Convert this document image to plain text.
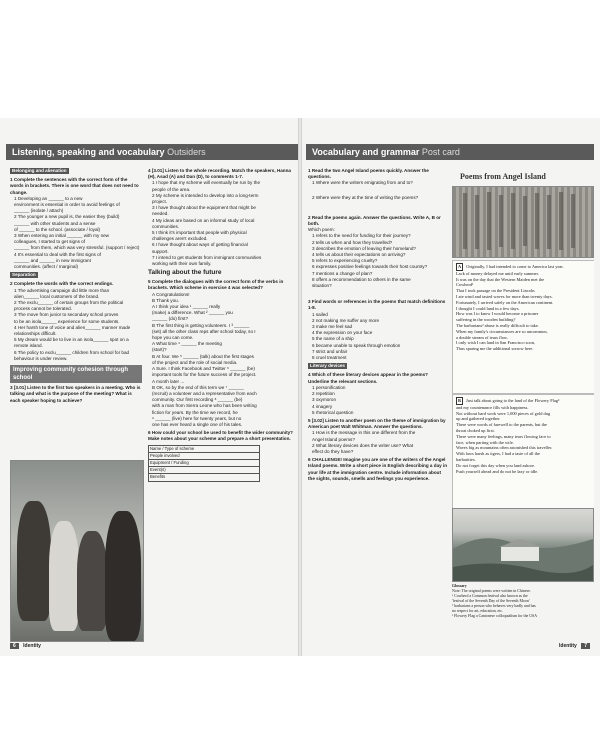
Listening, speaking and vocabulary Outsiders
Belonging and alienation
1 Complete the sentences with the correct form of the words in brackets. There is one word that does not need to change.
1 Developing an ______ to a new
environment is essential in order to avoid feelings of
______ (isolate / attach)
2 The younger a new pupil is, the easier they (build)
______ with other students and a sense
of ______ to the school. (associate / loyal)
3 When entering an initial ______ with my new
colleagues, I started to get signs of
______ from them, which was very stressful. (support / reject)
4 It's essential to deal with the first signs of
______ and ______ in new immigrant
communities. (affect / marginal)
Separation
2 Complete the words with the correct endings.
1 The advertising campaign did little more than
alien______ local customers of the brand.
2 The exclu______ of certain groups from the political
process cannot be tolerated.
3 The move from junior to secondary school proves
to be an isola______ experience for some students.
4 Her harsh tone of voice and alien______ manner made
relationships difficult.
5 My dream would be to live in an isola______ spot on a
remote island.
6 The policy to exclu______ children from school for bad
behaviour is under review.
Improving community cohesion through school
3 [3.01] Listen to the first two speakers in a meeting. Who is talking and what is the purpose of the meeting? What is each speaker hoping to achieve?
4 [3.01] Listen to the whole recording. Match the speakers, Hanna (H), Asad (A) and Dan (D), to comments 1-7.
1 I hope that my scheme will eventually be run by the
people of the area.
2 My scheme is intended to develop into a long-term
project.
3 I have thought about the equipment that might be
needed.
4 My ideas are based on an informal study of local
communities.
5 I think it's important that people with physical
challenges aren't excluded.
6 I have thought about ways of getting financial
support.
7 I intend to get students from immigrant communities
working with their own family.
Talking about the future
5 Complete the dialogues with the correct form of the verbs in brackets. Which scheme in exercise 4 was selected?
A Congratulations!
B Thank you.
A I think your idea ¹ ______ really
(make) a difference. What ² ______ you
______ (do) first?
B The first thing is getting volunteers. I ³ ______
(set) all the other class reps after school today, so I
hope you can come.
A What time ⁴ ______ the meeting
(start)?
B At four. We ⁵ ______ (talk) about the first stages
of the project and the role of social media.
A Sure. I think Facebook and Twitter ⁶ ______ (be)
important tools for the future success of the project.
A month later ...
B OK, so by the end of this term we ⁷ ______
(recruit) a volunteer and a representative from each
community. Our first recording ⁸ ______ (be)
with a man from Sierra Leone who has been writing
fiction for years. By the time we record, he
⁹ ______ (live) here for twenty years, but no
one has ever heard a single one of his tales.
6 How could your school be used to benefit the wider community? Make notes about your scheme and prepare a short presentation.
Name / Type of scheme
People involved
Equipment / Funding
Event(s)
Benefits
6 Identity
Vocabulary and grammar Post card
1 Read the two Angel Island poems quickly. Answer the questions.
1 Where were the writers emigrating from and to?
2 Where were they at the time of writing the poems?
2 Read the poems again. Answer the questions. Write A, B or both.
Which poem:
1 refers to the need for funding for their journey?
2 tells us when and how they travelled?
3 describes the emotion of leaving their homeland?
4 tells us about their expectations on arriving?
5 refers to experiencing cruelty?
6 expresses positive feelings towards their host country?
7 mentions a change of plan?
8 offers a recommendation to others in the same
situation?
3 Find words or references in the poems that match definitions 1-8.
1 sailed
2 not making me suffer any more
3 make me feel sad
4 the expression on your face
5 the name of a ship
6 became unable to speak through emotion
7 strict and unfair
8 cruel treatment
Literary devices
4 Which of these literary devices appear in the poems? Underline the relevant sections.
1 personification
2 repetition
3 oxymoron
4 imagery
5 rhetorical question
5 [3.02] Listen to another poem on the theme of immigration by American poet Walt Whitman. Answer the questions.
1 How is the message in this one different from the
Angel Island poems?
2 What literary devices does the writer use? What
effect do they have?
6 CHALLENGE! Imagine you are one of the writers of the Angel Island poems. Write a short piece in English describing a day in your life at the immigration centre. Include information about the sights, sounds, smells and feelings you experience.
Poems from Angel Island
A Originally, I had intended to come to America last year.
Lack of money delayed me until early summer.
It was on the day that the Western Maiden met the
Cowherd¹
That I took passage on the President Lincoln.
I ate wind and tasted waves for more than twenty days.
Fortunately, I arrived safely on the American continent.
I thought I could land in a few days.
How was I to know I would become a prisoner
suffering in the wooden building?
The barbarians² abuse is really difficult to take.
When my family's circumstances are so uncommon,
a double stream of tears flow.
I only wish I can land in San Francisco soon,
Thus sparing me the additional sorrow here.
B Just talk about going to the land of the Flowery Flag³
and my countenance fills with happiness.
Not without hard work were 1,000 pieces of gold dug
up and gathered together.
There were words of farewell to the parents, but the
throat choked up first.
There were many feelings, many tears flowing face to
face, when parting with the wife.
Waves big as mountains often astonished this traveller.
With laws harsh as tigers, I had a taste of all the
barbarities.
Do not forget this day when you land ashore.
Push yourself ahead and do not be lazy or idle.
Glossary
Note: The original poems were written in Chinese.
¹ Cowherd a Common festival also known as the
'festival of the Seventh Day of the Seventh Moon'
² barbarians a person who behaves very badly and has
no respect for art, education, etc.
³ Flowery Flag a Cantonese colloquialism for the USA
Identity 7
